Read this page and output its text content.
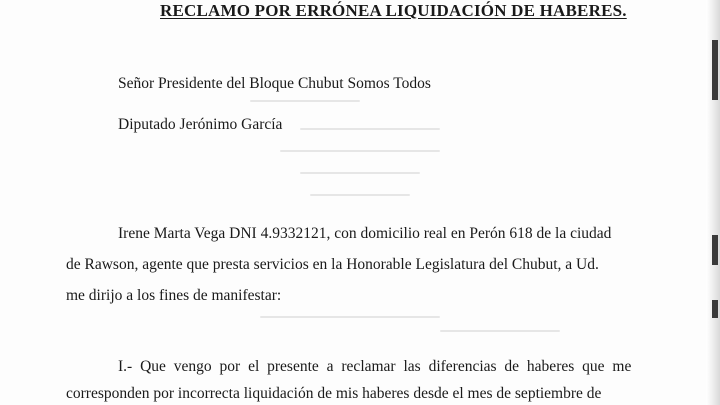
RECLAMO POR ERRÓNEA LIQUIDACIÓN DE HABERES.
Señor Presidente del Bloque Chubut Somos Todos
Diputado Jerónimo García
Irene Marta Vega DNI 4.9332121, con domicilio real en Perón 618 de la ciudad
de Rawson, agente que presta servicios en la Honorable Legislatura del Chubut, a Ud.
me dirijo a los fines de manifestar:
I.- Que vengo por el presente a reclamar las diferencias de haberes que me
corresponden por incorrecta liquidación de mis haberes desde el mes de septiembre de
